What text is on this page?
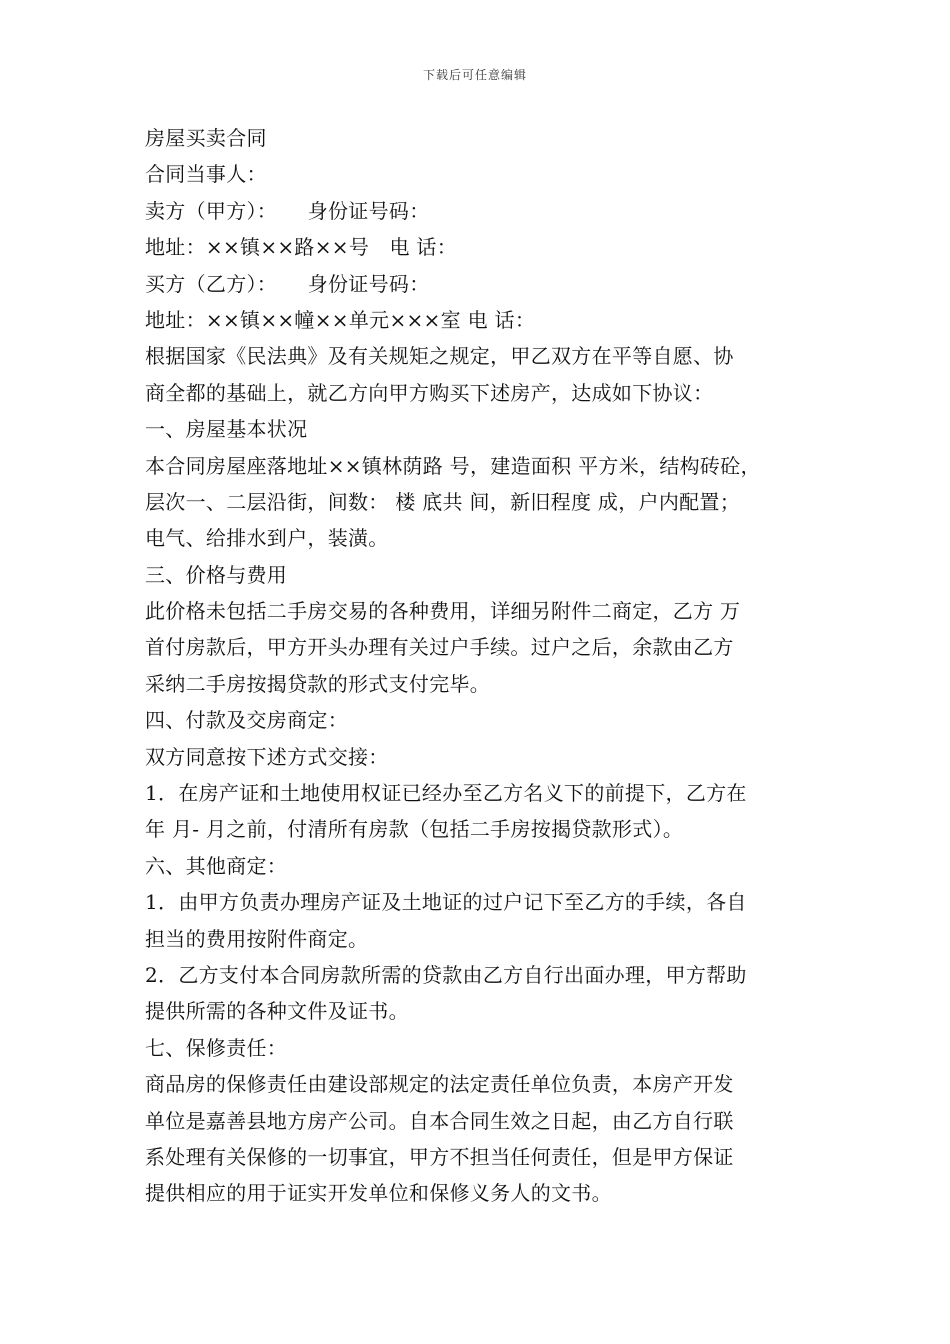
下载后可任意编辑
房屋买卖合同
合同当事人：
卖方（甲方）：　　身份证号码：
地址：××镇××路××号　电 话：
买方（乙方）：　　身份证号码：
地址：××镇××幢××单元×××室 电 话：
根据国家《民法典》及有关规矩之规定，甲乙双方在平等自愿、协
商全都的基础上，就乙方向甲方购买下述房产，达成如下协议：
一、房屋基本状况
本合同房屋座落地址××镇林荫路 号，建造面积 平方米，结构砖砼，
层次一、二层沿街，间数： 楼 底共 间，新旧程度 成，户内配置；
电气、给排水到户，装潢。
三、价格与费用
此价格未包括二手房交易的各种费用，详细另附件二商定，乙方 万
首付房款后，甲方开头办理有关过户手续。过户之后，余款由乙方
采纳二手房按揭贷款的形式支付完毕。
四、付款及交房商定：
双方同意按下述方式交接：
1．在房产证和土地使用权证已经办至乙方名义下的前提下，乙方在
年 月- 月之前，付清所有房款（包括二手房按揭贷款形式）。
六、其他商定：
1．由甲方负责办理房产证及土地证的过户记下至乙方的手续，各自
担当的费用按附件商定。
2．乙方支付本合同房款所需的贷款由乙方自行出面办理，甲方帮助
提供所需的各种文件及证书。
七、保修责任：
商品房的保修责任由建设部规定的法定责任单位负责，本房产开发
单位是嘉善县地方房产公司。自本合同生效之日起，由乙方自行联
系处理有关保修的一切事宜，甲方不担当任何责任，但是甲方保证
提供相应的用于证实开发单位和保修义务人的文书。
